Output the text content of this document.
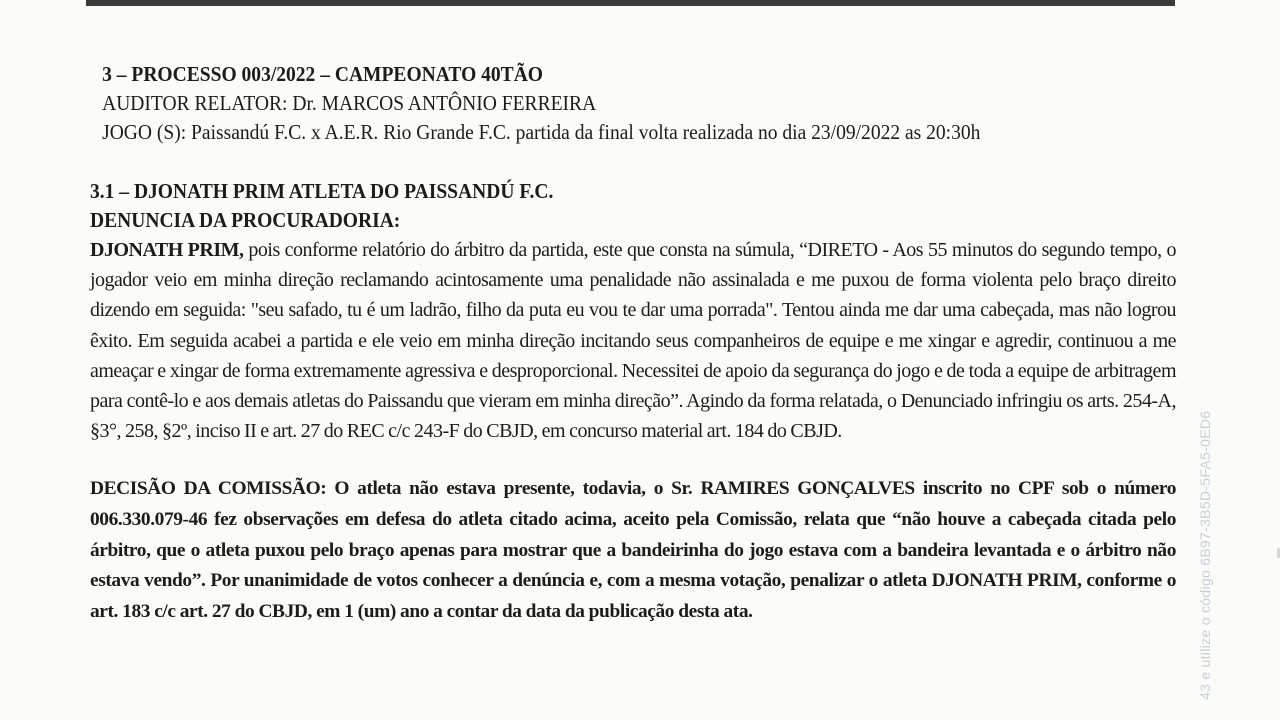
3 – PROCESSO 003/2022 – CAMPEONATO 40TÃO
AUDITOR RELATOR: Dr. MARCOS ANTÔNIO FERREIRA
JOGO (S): Paissandú F.C. x A.E.R. Rio Grande F.C. partida da final volta realizada no dia 23/09/2022 as 20:30h
3.1 – DJONATH PRIM ATLETA DO PAISSANDÚ F.C.
DENUNCIA DA PROCURADORIA:

DJONATH PRIM, pois conforme relatório do árbitro da partida, este que consta na súmula, “DIRETO - Aos 55 minutos do segundo tempo, o jogador veio em minha direção reclamando acintosamente uma penalidade não assinalada e me puxou de forma violenta pelo braço direito dizendo em seguida: "seu safado, tu é um ladrão, filho da puta eu vou te dar uma porrada". Tentou ainda me dar uma cabeçada, mas não logrou êxito. Em seguida acabei a partida e ele veio em minha direção incitando seus companheiros de equipe e me xingar e agredir, continuou a me ameaçar e xingar de forma extremamente agressiva e desproporcional. Necessitei de apoio da segurança do jogo e de toda a equipe de arbitragem para contê-lo e aos demais atletas do Paissandu que vieram em minha direção”. Agindo da forma relatada, o Denunciado infringiu os arts. 254-A, §3°, 258, §2º, inciso II e art. 27 do REC c/c 243-F do CBJD, em concurso material art. 184 do CBJD.

DECISÃO DA COMISSÃO: O atleta não estava presente, todavia, o Sr. RAMIRES GONÇALVES inscrito no CPF sob o número 006.330.079-46 fez observações em defesa do atleta citado acima, aceito pela Comissão, relata que “não houve a cabeçada citada pelo árbitro, que o atleta puxou pelo braço apenas para mostrar que a bandeirinha do jogo estava com a bandeira levantada e o árbitro não estava vendo”. Por unanimidade de votos conhecer a denúncia e, com a mesma votação, penalizar o atleta DJONATH PRIM, conforme o art. 183 c/c art. 27 do CBJD, em 1 (um) ano a contar da data da publicação desta ata.	43 e utilize o código 6B97-3B5D-5FA5-0ED6
